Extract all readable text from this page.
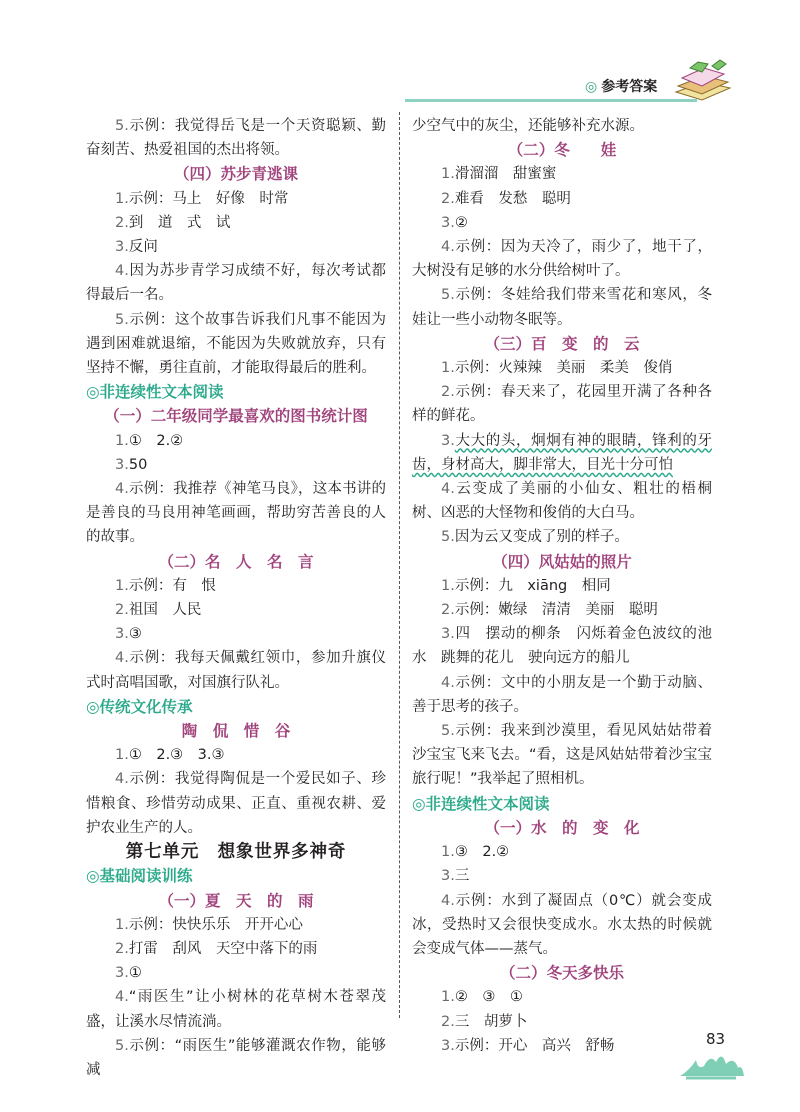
◎ 参考答案

5.示例：我觉得岳飞是一个天资聪颖、勤奋刻苦、热爱祖国的杰出将领。

（四）苏步青逃课

1.示例：马上　好像　时常

2.到　道　式　试

3.反问

4.因为苏步青学习成绩不好，每次考试都得最后一名。

5.示例：这个故事告诉我们凡事不能因为遇到困难就退缩，不能因为失败就放弃，只有坚持不懈，勇往直前，才能取得最后的胜利。

◎非连续性文本阅读

（一）二年级同学最喜欢的图书统计图

1.①　2.②

3.50

4.示例：我推荐《神笔马良》，这本书讲的是善良的马良用神笔画画，帮助穷苦善良的人的故事。

（二）名　人　名　言

1.示例：有　恨

2.祖国　人民

3.③

4.示例：我每天佩戴红领巾，参加升旗仪式时高唱国歌，对国旗行队礼。

◎传统文化传承

陶　侃　惜　谷

1.①　2.③　3.③

4.示例：我觉得陶侃是一个爱民如子、珍惜粮食、珍惜劳动成果、正直、重视农耕、爱护农业生产的人。

第七单元　想象世界多神奇

◎基础阅读训练

（一）夏　天　的　雨

1.示例：快快乐乐　开开心心

2.打雷　刮风　天空中落下的雨

3.①

4.“雨医生”让小树林的花草树木苍翠茂盛，让溪水尽情流淌。

5.示例：“雨医生”能够灌溉农作物，能够减

少空气中的灰尘，还能够补充水源。

（二）冬　　娃

1.滑溜溜　甜蜜蜜

2.难看　发愁　聪明

3.②

4.示例：因为天冷了，雨少了，地干了，大树没有足够的水分供给树叶了。

5.示例：冬娃给我们带来雪花和寒风，冬娃让一些小动物冬眠等。

（三）百　变　的　云

1.示例：火辣辣　美丽　柔美　俊俏

2.示例：春天来了，花园里开满了各种各样的鲜花。

3.大大的头，炯炯有神的眼睛，锋利的牙齿，身材高大，脚非常大，目光十分可怕

4.云变成了美丽的小仙女、粗壮的梧桐树、凶恶的大怪物和俊俏的大白马。

5.因为云又变成了别的样子。

（四）风姑姑的照片

1.示例：九　xiāng　相同

2.示例：嫩绿　清清　美丽　聪明

3.四　摆动的柳条　闪烁着金色波纹的池水　跳舞的花儿　驶向远方的船儿

4.示例：文中的小朋友是一个勤于动脑、善于思考的孩子。

5.示例：我来到沙漠里，看见风姑姑带着沙宝宝飞来飞去。“看，这是风姑姑带着沙宝宝旅行呢！”我举起了照相机。

◎非连续性文本阅读

（一）水　的　变　化

1.③　2.②

3.三

4.示例：水到了凝固点（0℃）就会变成冰，受热时又会很快变成水。水太热的时候就会变成气体——蒸气。

（二）冬天多快乐

1.②　③　①

2.三　胡萝卜

3.示例：开心　高兴　舒畅	83
